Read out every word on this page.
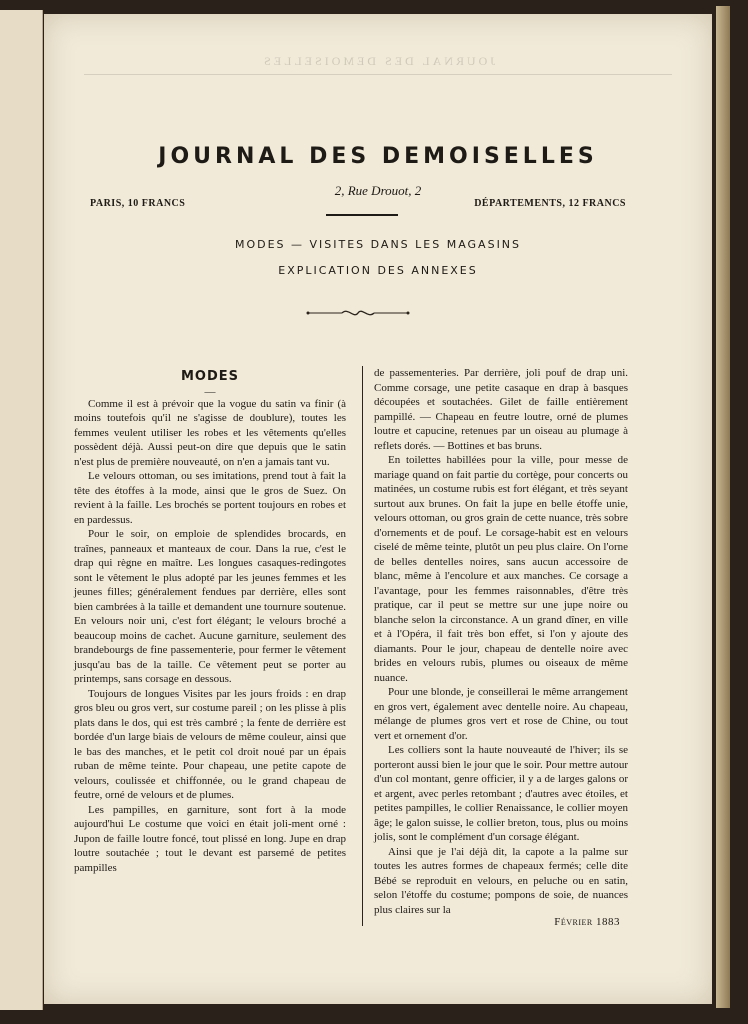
JOURNAL DES DEMOISELLES
JOURNAL DES DEMOISELLES
2, Rue Drouot, 2
PARIS, 10 FRANCS	DÉPARTEMENTS, 12 FRANCS
MODES — VISITES DANS LES MAGASINS
EXPLICATION DES ANNEXES
MODES
—

Comme il est à prévoir que la vogue du satin va finir (à moins toutefois qu'il ne s'agisse de doublure), toutes les femmes veulent utiliser les robes et les vêtements qu'elles possèdent déjà. Aussi peut-on dire que depuis que le satin n'est plus de première nouveauté, on n'en a jamais tant vu.

Le velours ottoman, ou ses imitations, prend tout à fait la tête des étoffes à la mode, ainsi que le gros de Suez. On revient à la faille. Les brochés se portent toujours en robes et en pardessus.

Pour le soir, on emploie de splendides brocards, en traînes, panneaux et manteaux de cour. Dans la rue, c'est le drap qui règne en maître. Les longues casaques-redingotes sont le vêtement le plus adopté par les jeunes femmes et les jeunes filles; généralement fendues par derrière, elles sont bien cambrées à la taille et demandent une tournure soutenue. En velours noir uni, c'est fort élégant; le velours broché a beaucoup moins de cachet. Aucune garniture, seulement des brandebourgs de fine passementerie, pour fermer le vêtement jusqu'au bas de la taille. Ce vêtement peut se porter au printemps, sans corsage en dessous.

Toujours de longues Visites par les jours froids : en drap gros bleu ou gros vert, sur costume pareil ; on les plisse à plis plats dans le dos, qui est très cambré ; la fente de derrière est bordée d'un large biais de velours de même couleur, ainsi que le bas des manches, et le petit col droit noué par un épais ruban de même teinte. Pour chapeau, une petite capote de velours, coulissée et chiffonnée, ou le grand chapeau de feutre, orné de velours et de plumes.

Les pampilles, en garniture, sont fort à la mode aujourd'hui Le costume que voici en était joli-ment orné : Jupon de faille loutre foncé, tout plissé en long. Jupe en drap loutre soutachée ; tout le devant est parsemé de petites pampilles

de passementeries. Par derrière, joli pouf de drap uni. Comme corsage, une petite casaque en drap à basques découpées et soutachées. Gilet de faille entièrement pampillé. — Chapeau en feutre loutre, orné de plumes loutre et capucine, retenues par un oiseau au plumage à reflets dorés. — Bottines et bas bruns.

En toilettes habillées pour la ville, pour messe de mariage quand on fait partie du cortège, pour concerts ou matinées, un costume rubis est fort élégant, et très seyant surtout aux brunes. On fait la jupe en belle étoffe unie, velours ottoman, ou gros grain de cette nuance, très sobre d'ornements et de pouf. Le corsage-habit est en velours ciselé de même teinte, plutôt un peu plus claire. On l'orne de belles dentelles noires, sans aucun accessoire de blanc, même à l'encolure et aux manches. Ce corsage a l'avantage, pour les femmes raisonnables, d'être très pratique, car il peut se mettre sur une jupe noire ou blanche selon la circonstance. A un grand dîner, en ville et à l'Opéra, il fait très bon effet, si l'on y ajoute des diamants. Pour le jour, chapeau de dentelle noire avec brides en velours rubis, plumes ou oiseaux de même nuance.

Pour une blonde, je conseillerai le même arrangement en gros vert, également avec dentelle noire. Au chapeau, mélange de plumes gros vert et rose de Chine, ou tout vert et ornement d'or.

Les colliers sont la haute nouveauté de l'hiver; ils se porteront aussi bien le jour que le soir. Pour mettre autour d'un col montant, genre officier, il y a de larges galons or et argent, avec perles retombant ; d'autres avec étoiles, et petites pampilles, le collier Renaissance, le collier moyen âge; le galon suisse, le collier breton, tous, plus ou moins jolis, sont le complément d'un corsage élégant.

Ainsi que je l'ai déjà dit, la capote a la palme sur toutes les autres formes de chapeaux fermés; celle dite Bébé se reproduit en velours, en peluche ou en satin, selon l'étoffe du costume; pompons de soie, de nuances plus claires sur la

Février 1883
